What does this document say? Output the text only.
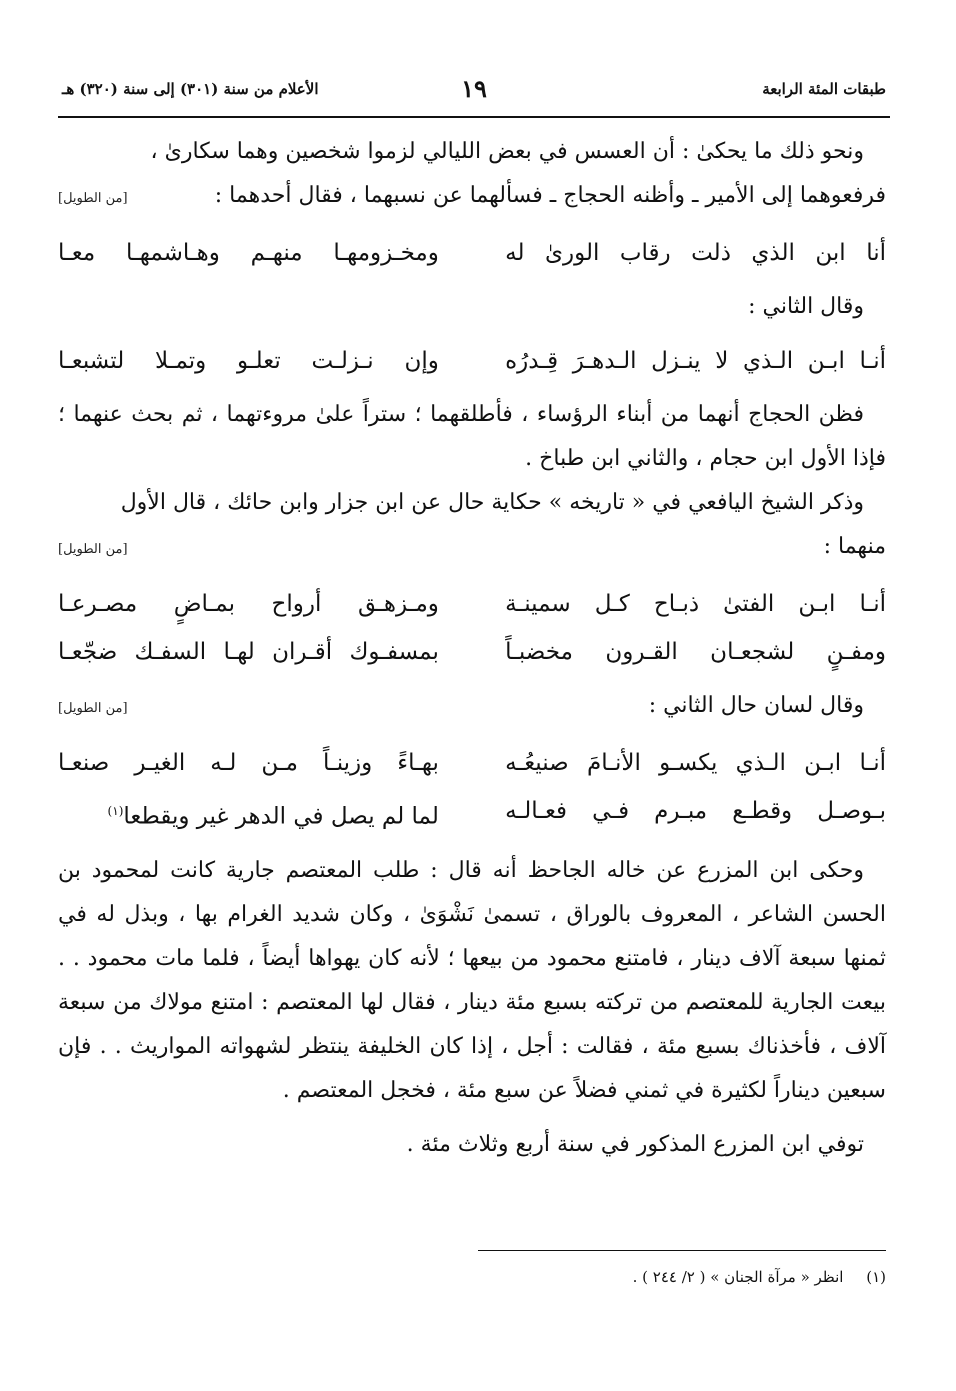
طبقات المئة الرابعة
١٩
الأعلام من سنة (٣٠١) إلى سنة (٣٢٠) هـ

ونحو ذلك ما يحكىٰ : أن العسس في بعض الليالي لزموا شخصين وهما سكارىٰ ،

فرفعوهما إلى الأمير ـ وأظنه الحجاج ـ فسألهما عن نسبهما ، فقال أحدهما :
[من الطويل]
أنا ابن الذي ذلت رقاب الورىٰ له
ومخـزومهـا منهـم وهـاشمهـا معـا

وقال الثاني :

أنـا ابـن الـذي لا ينـزل الـدهـرَ قِـدرُه
وإن نـزلـت تعلـو وتمـلا لتشبعـا

فظن الحجاج أنهما من أبناء الرؤساء ، فأطلقهما ؛ ستراً علىٰ مروءتهما ، ثم بحث عنهما ؛ فإذا الأول ابن حجام ، والثاني ابن طباخ .

وذكر الشيخ اليافعي في « تاريخه » حكاية حال عن ابن جزار وابن حائك ، قال الأول

منهما :
[من الطويل]
أنـا ابـن الفتىٰ ذبـاح كـل سمينـة
ومـزهـق أرواح بمـاضٍ مصـرعـا
ومفـنٍ لشجعـان القـرون مخضبـاً
بمسفـوك أقـران لهـا السفـك ضجّعـا
وقال لسان حال الثاني :
[من الطويل]
أنـا ابـن الـذي يكسـو الأنـامَ صنيعُـه
بهـاءً وزينـاً مـن لـه الغيـر صنعـا
بـوصـل وقطـع مبـرم فـي فعـالـه
لما لم يصل في الدهر غير ويقطعا$^{(١)}$

وحكى ابن المزرع عن خاله الجاحظ أنه قال : طلب المعتصم جارية كانت لمحمود بن الحسن الشاعر ، المعروف بالوراق ، تسمىٰ نَشْوَىٰ ، وكان شديد الغرام بها ، وبذل له في ثمنها سبعة آلاف دينار ، فامتنع محمود من بيعها ؛ لأنه كان يهواها أيضاً ، فلما مات محمود . . بيعت الجارية للمعتصم من تركته بسبع مئة دينار ، فقال لها المعتصم : امتنع مولاك من سبعة آلاف ، فأخذناك بسبع مئة ، فقالت : أجل ، إذا كان الخليفة ينتظر لشهواته المواريث . . فإن سبعين ديناراً لكثيرة في ثمني فضلاً عن سبع مئة ، فخجل المعتصم .

توفي ابن المزرع المذكور في سنة أربع وثلاث مئة .

(١) انظر « مرآة الجنان » ( ٢/ ٢٤٤ ) .
